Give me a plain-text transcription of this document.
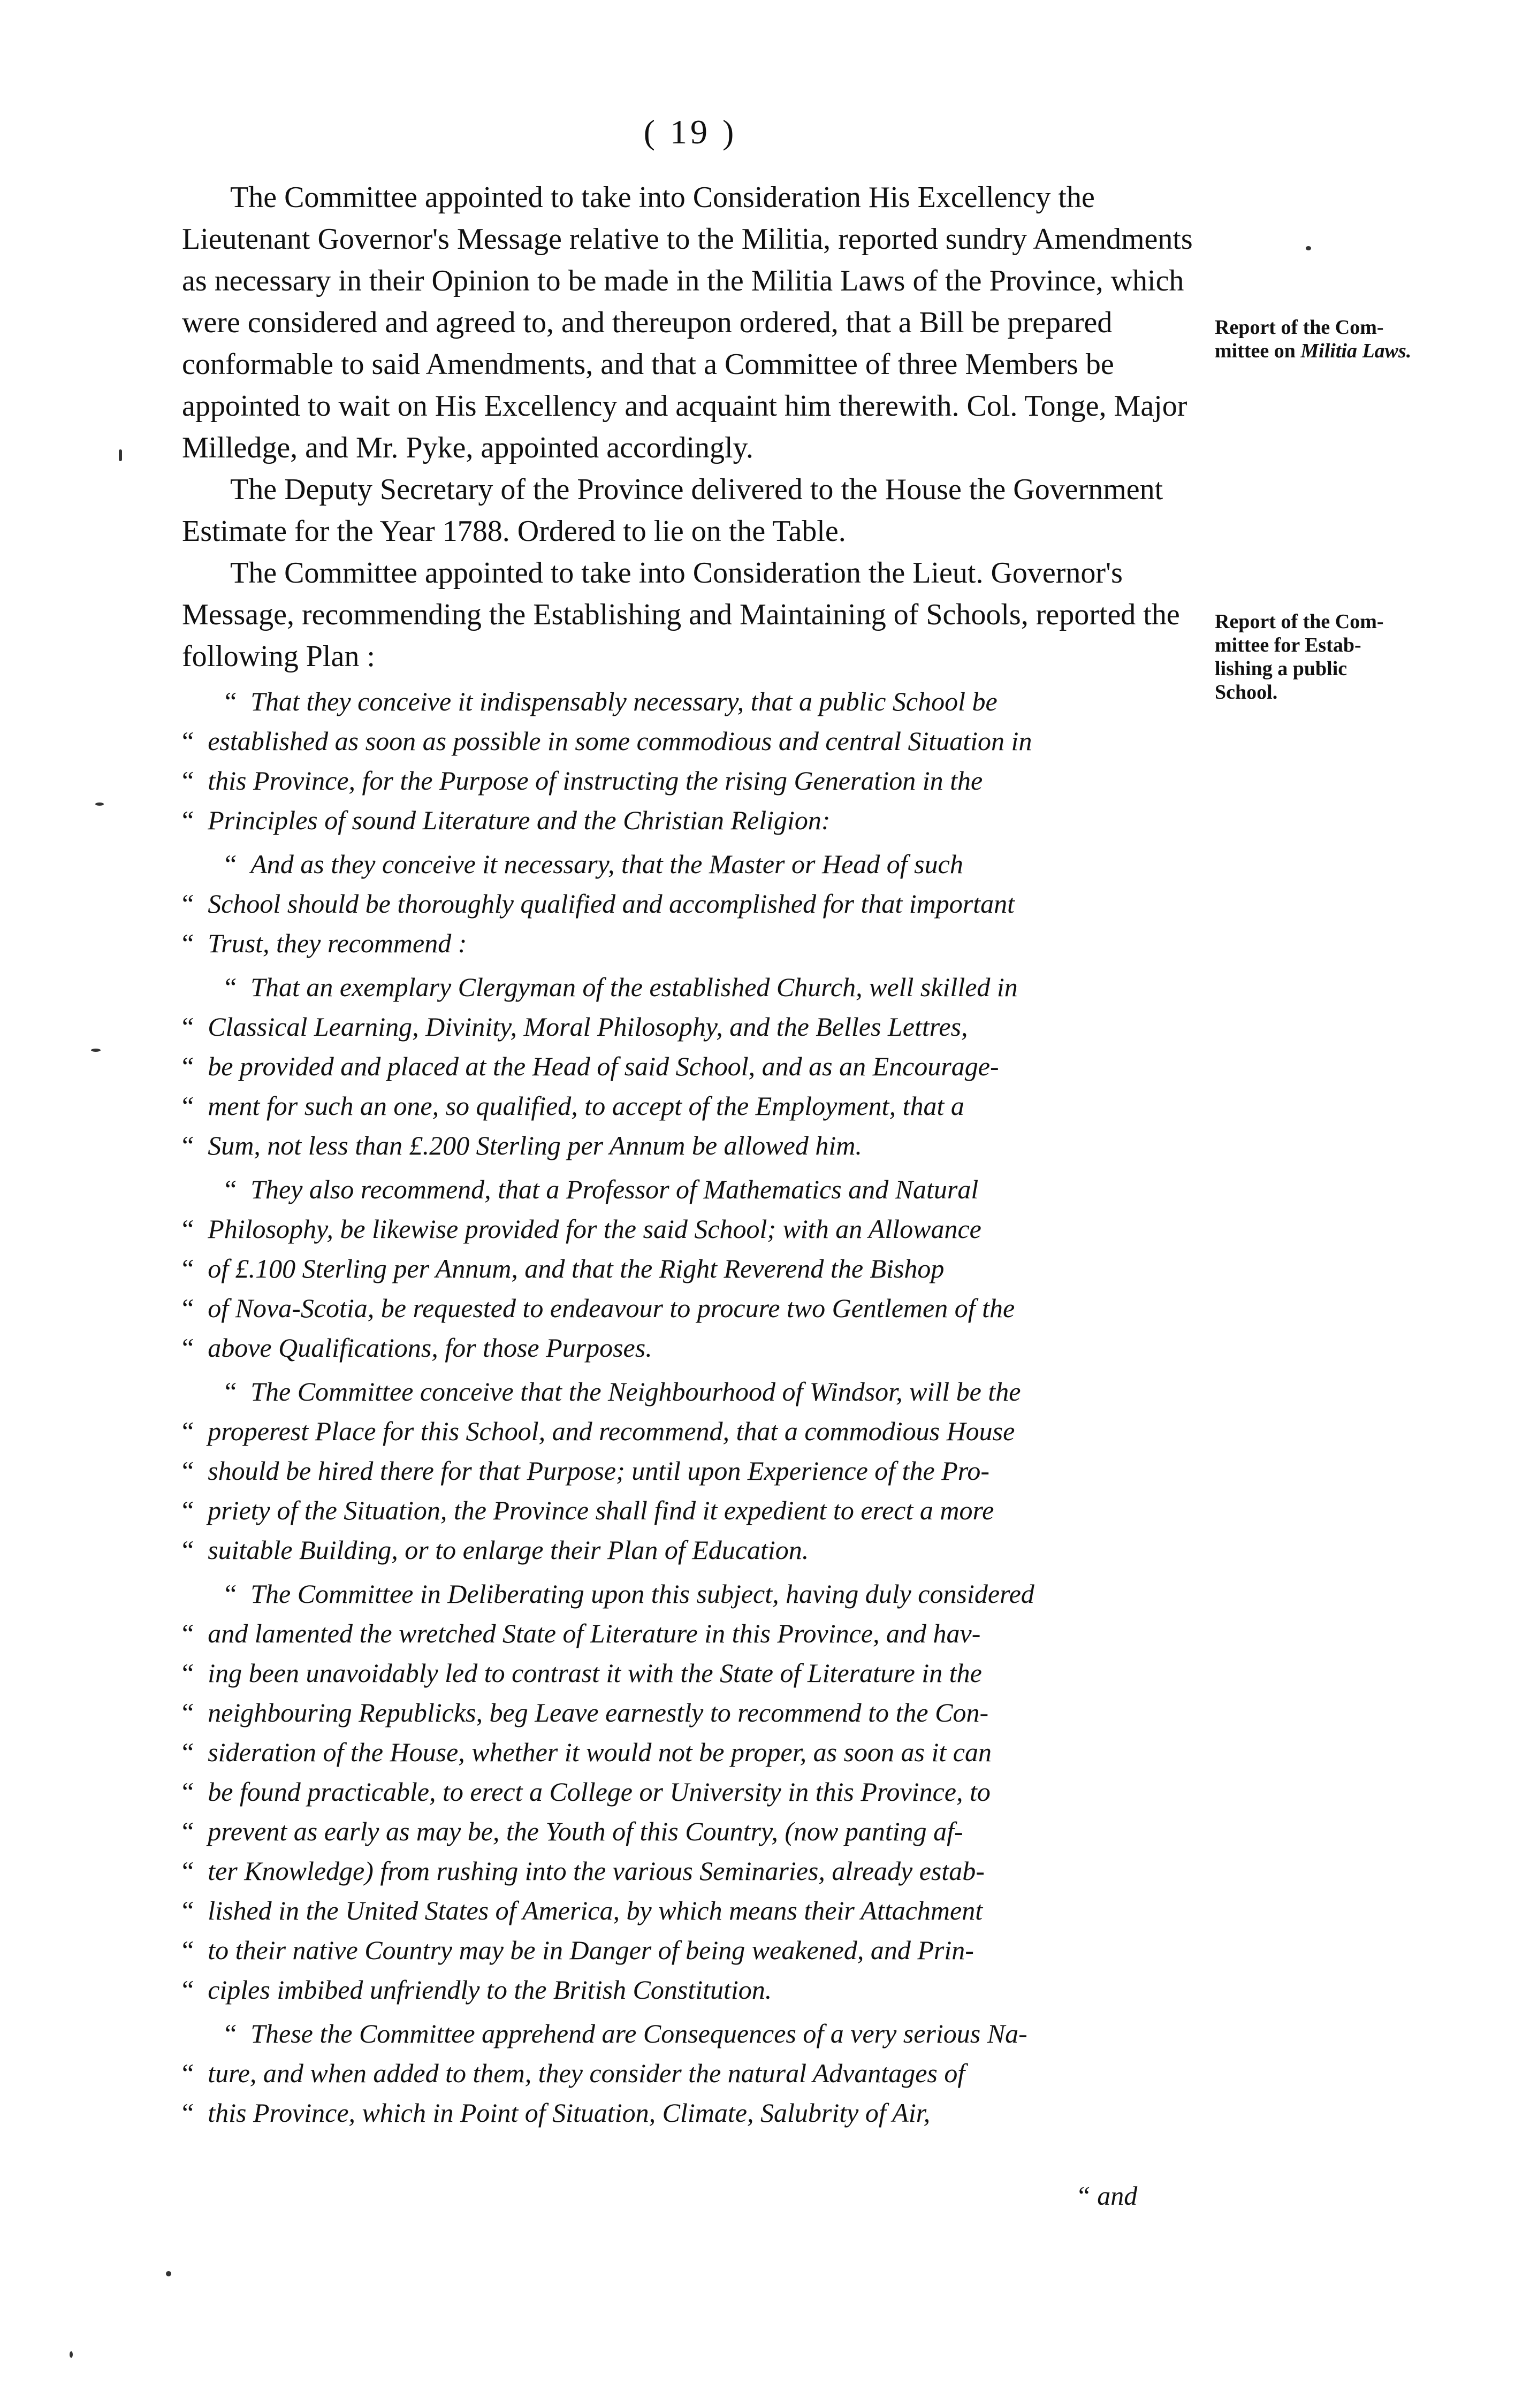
( 19 )

The Committee appointed to take into Consideration His Excellency the Lieutenant Governor's Message relative to the Militia, reported sundry Amendments as necessary in their Opinion to be made in the Militia Laws of the Province, which were considered and agreed to, and thereupon ordered, that a Bill be prepared conformable to said Amendments, and that a Committee of three Members be appointed to wait on His Excellency and acquaint him therewith. Col. Tonge, Major Milledge, and Mr. Pyke, appointed accordingly.

The Deputy Secretary of the Province delivered to the House the Government Estimate for the Year 1788. Ordered to lie on the Table.

The Committee appointed to take into Consideration the Lieut. Governor's Message, recommending the Establishing and Maintaining of Schools, reported the following Plan :

“ That they conceive it indispensably necessary, that a public School be
“ established as soon as possible in some commodious and central Situation in
“ this Province, for the Purpose of instructing the rising Generation in the
“ Principles of sound Literature and the Christian Religion:

“ And as they conceive it necessary, that the Master or Head of such
“ School should be thoroughly qualified and accomplished for that important
“ Trust, they recommend :

“ That an exemplary Clergyman of the established Church, well skilled in
“ Classical Learning, Divinity, Moral Philosophy, and the Belles Lettres,
“ be provided and placed at the Head of said School, and as an Encourage-
“ ment for such an one, so qualified, to accept of the Employment, that a
“ Sum, not less than £.200 Sterling per Annum be allowed him.

“ They also recommend, that a Professor of Mathematics and Natural
“ Philosophy, be likewise provided for the said School; with an Allowance
“ of £.100 Sterling per Annum, and that the Right Reverend the Bishop
“ of Nova-Scotia, be requested to endeavour to procure two Gentlemen of the
“ above Qualifications, for those Purposes.

“ The Committee conceive that the Neighbourhood of Windsor, will be the
“ properest Place for this School, and recommend, that a commodious House
“ should be hired there for that Purpose; until upon Experience of the Pro-
“ priety of the Situation, the Province shall find it expedient to erect a more
“ suitable Building, or to enlarge their Plan of Education.

“ The Committee in Deliberating upon this subject, having duly considered
“ and lamented the wretched State of Literature in this Province, and hav-
“ ing been unavoidably led to contrast it with the State of Literature in the
“ neighbouring Republicks, beg Leave earnestly to recommend to the Con-
“ sideration of the House, whether it would not be proper, as soon as it can
“ be found practicable, to erect a College or University in this Province, to
“ prevent as early as may be, the Youth of this Country, (now panting af-
“ ter Knowledge) from rushing into the various Seminaries, already estab-
“ lished in the United States of America, by which means their Attachment
“ to their native Country may be in Danger of being weakened, and Prin-
“ ciples imbibed unfriendly to the British Constitution.

“ These the Committee apprehend are Consequences of a very serious Na-
“ ture, and when added to them, they consider the natural Advantages of
“ this Province, which in Point of Situation, Climate, Salubrity of Air,

“ and
Report of the Com-
mittee on Militia Laws.
Report of the Com-
mittee for Estab-
lishing a public
School.
